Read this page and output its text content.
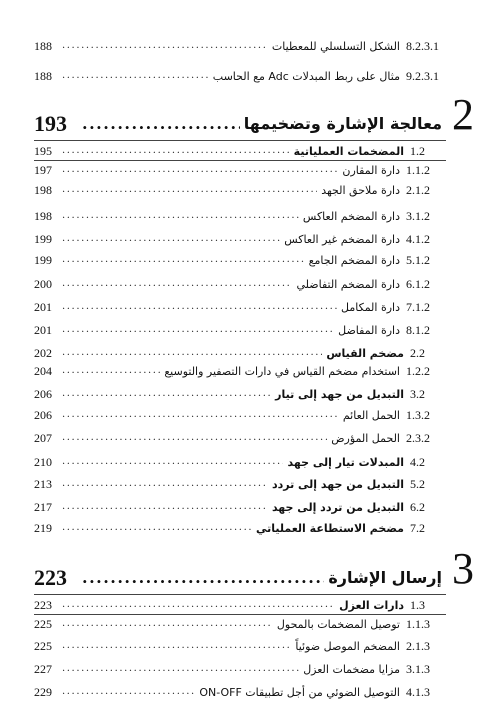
188 .....	الشكل التسلسلي للمعطيات 8.2.3.1
188 .....	مثال على ربط المبدلات Adc مع الحاسب 9.2.3.1
193 .....	معالجة الإشارة وتضخيمها 2
195 .....	المضخمات العملياتية 1.2
197 .....	دارة المقارن 1.1.2
198 .....	دارة ملاحق الجهد 2.1.2
198 .....	دارة المضخم العاكس 3.1.2
199 .....	دارة المضخم غير العاكس 4.1.2
199 .....	دارة المضخم الجامع 5.1.2
200 .....	دارة المضخم التفاضلي 6.1.2
201 .....	دارة المكامل 7.1.2
201 .....	دارة المفاضل 8.1.2
202 .....	مضخم القياس 2.2
204 .....	استخدام مضخم القياس في دارات التصفير والتوسيع 1.2.2
206 .....	التبديل من جهد إلى تيار 3.2
206 .....	الحمل العائم 1.3.2
207 .....	الحمل المؤرض 2.3.2
210 .....	المبدلات تيار إلى جهد 4.2
213 .....	التبديل من جهد إلى تردد 5.2
217 .....	التبديل من تردد إلى جهد 6.2
219 .....	مضخم الاستطاعة العملياتي 7.2
223 .....	إرسال الإشارة 3
223 .....	دارات العزل 1.3
225 .....	توصيل المضخمات بالمحول 1.1.3
225 .....	المضخم الموصل ضوئياً 2.1.3
227 .....	مزايا مضخمات العزل 3.1.3
229 .....	التوصيل الضوئي من أجل تطبيقات ON-OFF 4.1.3
